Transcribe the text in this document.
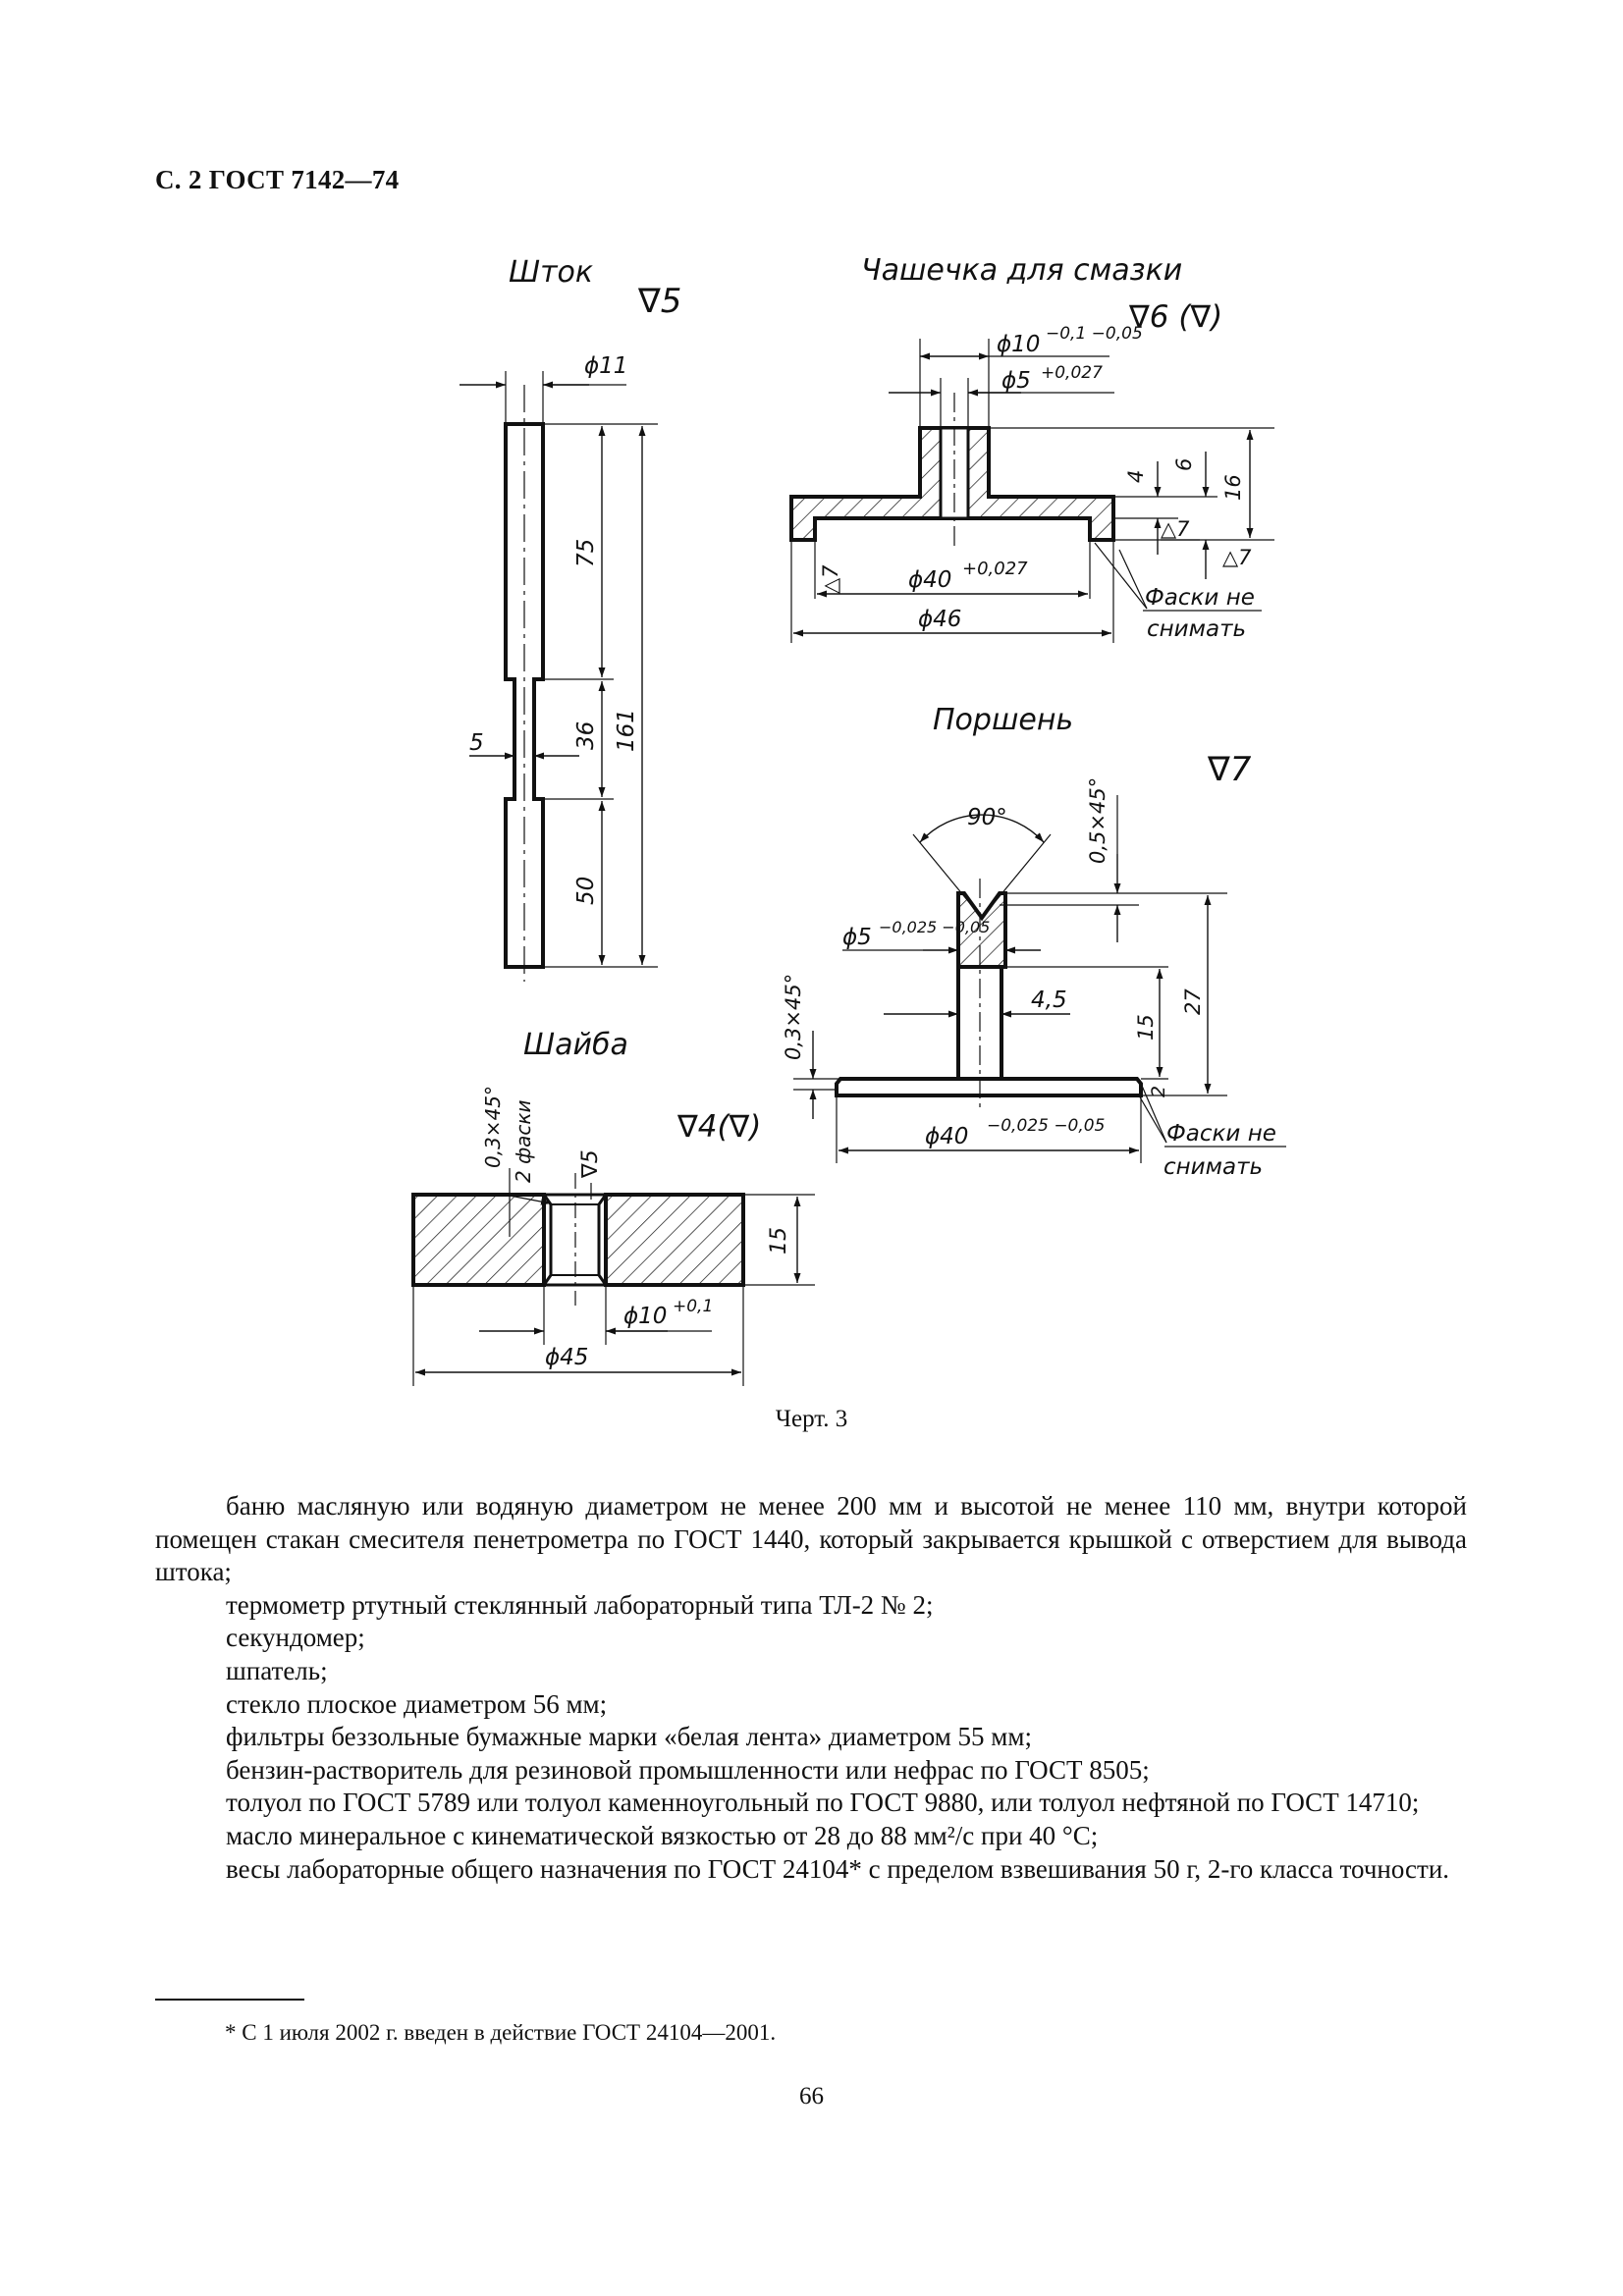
С. 2 ГОСТ 7142—74
Шток
∇5
ϕ11
5
75
36
50
161
Чашечка для смазки
∇6 (∇)
ϕ10 −0,1 −0,05
ϕ5 +0,027
4
6
16
△7
△7
△7	ϕ40 +0,027
ϕ46
Фаски не
снимать
Поршень
∇7
90°	0,5×45°
ϕ5 −0,025 −0,05
4,5
0,3×45°	15
27
2
ϕ40 −0,025 −0,05	Фаски не
снимать
Шайба
∇4(∇)
0,3×45° 2 фаски ∇5
15
ϕ10 +0,1
ϕ45
Черт. 3

баню масляную или водяную диаметром не менее 200 мм и высотой не менее 110 мм, внутри которой помещен стакан смесителя пенетрометра по ГОСТ 1440, который закрывается крышкой с отверстием для вывода штока;

термометр ртутный стеклянный лабораторный типа ТЛ-2 № 2;

секундомер;

шпатель;

стекло плоское диаметром 56 мм;

фильтры беззольные бумажные марки «белая лента» диаметром 55 мм;

бензин-растворитель для резиновой промышленности или нефрас по ГОСТ 8505;

толуол по ГОСТ 5789 или толуол каменноугольный по ГОСТ 9880, или толуол нефтяной по ГОСТ 14710;

масло минеральное с кинематической вязкостью от 28 до 88 мм²/с при 40 °С;

весы лабораторные общего назначения по ГОСТ 24104* с пределом взвешивания 50 г, 2-го класса точности.

* С 1 июля 2002 г. введен в действие ГОСТ 24104—2001.
66
